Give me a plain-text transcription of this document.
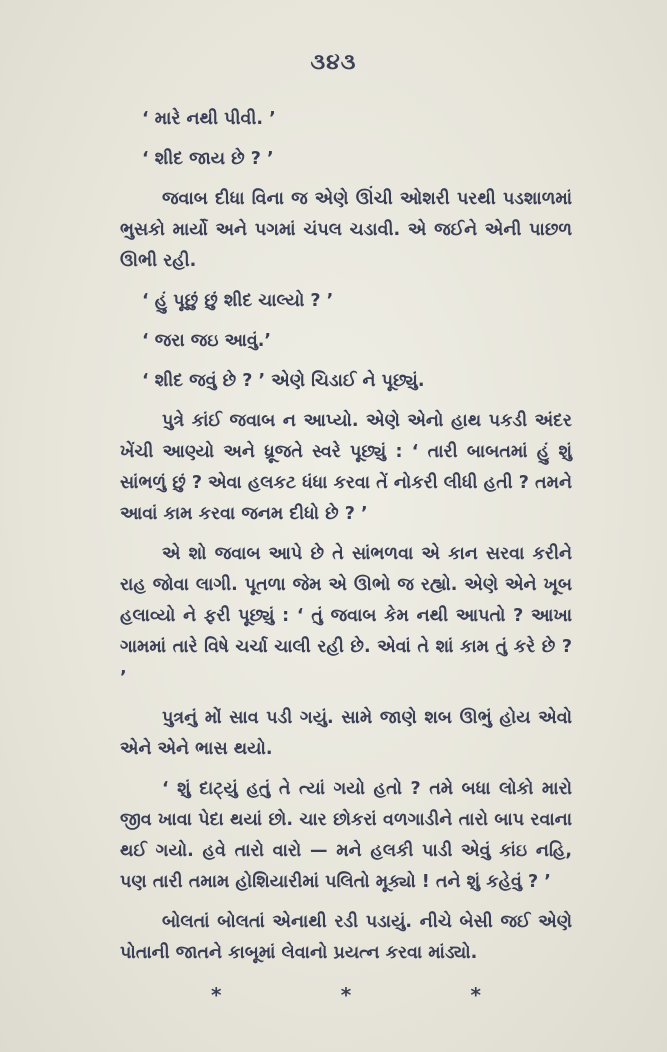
૩૪૩

‘ મારે નથી પીવી. ’

‘ શીદ જાય છે ? ’

જવાબ દીધા વિના જ એણે ઊંચી ઓશરી પરથી પડશાળમાં ભુસકો માર્યો અને પગમાં ચંપલ ચડાવી. એ જઈને એની પાછળ ઊભી રહી.

‘ હું પૂછું છું શીદ ચાલ્યો ? ’

‘ જરા જઇ આવું.’

‘ શીદ જવું છે ? ’ એણે ચિડાઈ ને પૂછ્યું.

પુત્રે કાંઈ જવાબ ન આપ્યો. એણે એનો હાથ પકડી અંદર ખેંચી આણ્યો અને ધ્રૂજતે સ્વરે પૂછ્યું : ‘ તારી બાબતમાં હું શું સાંભળું છું ? એવા હલકટ ધંધા કરવા તેં નોકરી લીધી હતી ? તમને આવાં કામ કરવા જનમ દીધો છે ? ’

એ શો જવાબ આપે છે તે સાંભળવા એ કાન સરવા કરીને રાહ જોવા લાગી. પૂતળા જેમ એ ઊભો જ રહ્યો. એણે એને ખૂબ હલાવ્યો ને ફરી પૂછ્યું : ‘ તું જવાબ કેમ નથી આપતો ? આખા ગામમાં તારે વિષે ચર્ચા ચાલી રહી છે. એવાં તે શાં કામ તું કરે છે ? ’

પુત્રનું મોં સાવ પડી ગયું. સામે જાણે શબ ઊભું હોય એવો એને એને ભાસ થયો.

‘ શું દાટ્યું હતું તે ત્યાં ગયો હતો ? તમે બધા લોકો મારો જીવ ખાવા પેદા થયાં છો. ચાર છોકરાં વળગાડીને તારો બાપ રવાના થઈ ગયો. હવે તારો વારો — મને હલકી પાડી એવું કાંઇ નહિ, પણ તારી તમામ હોશિયારીમાં પલિતો મૂક્યો ! તને શું કહેવું ? ’

બોલતાં બોલતાં એનાથી રડી પડાયું. નીચે બેસી જઈ એણે પોતાની જાતને કાબૂમાં લેવાનો પ્રયત્ન કરવા માંડ્યો.

*	*	*
